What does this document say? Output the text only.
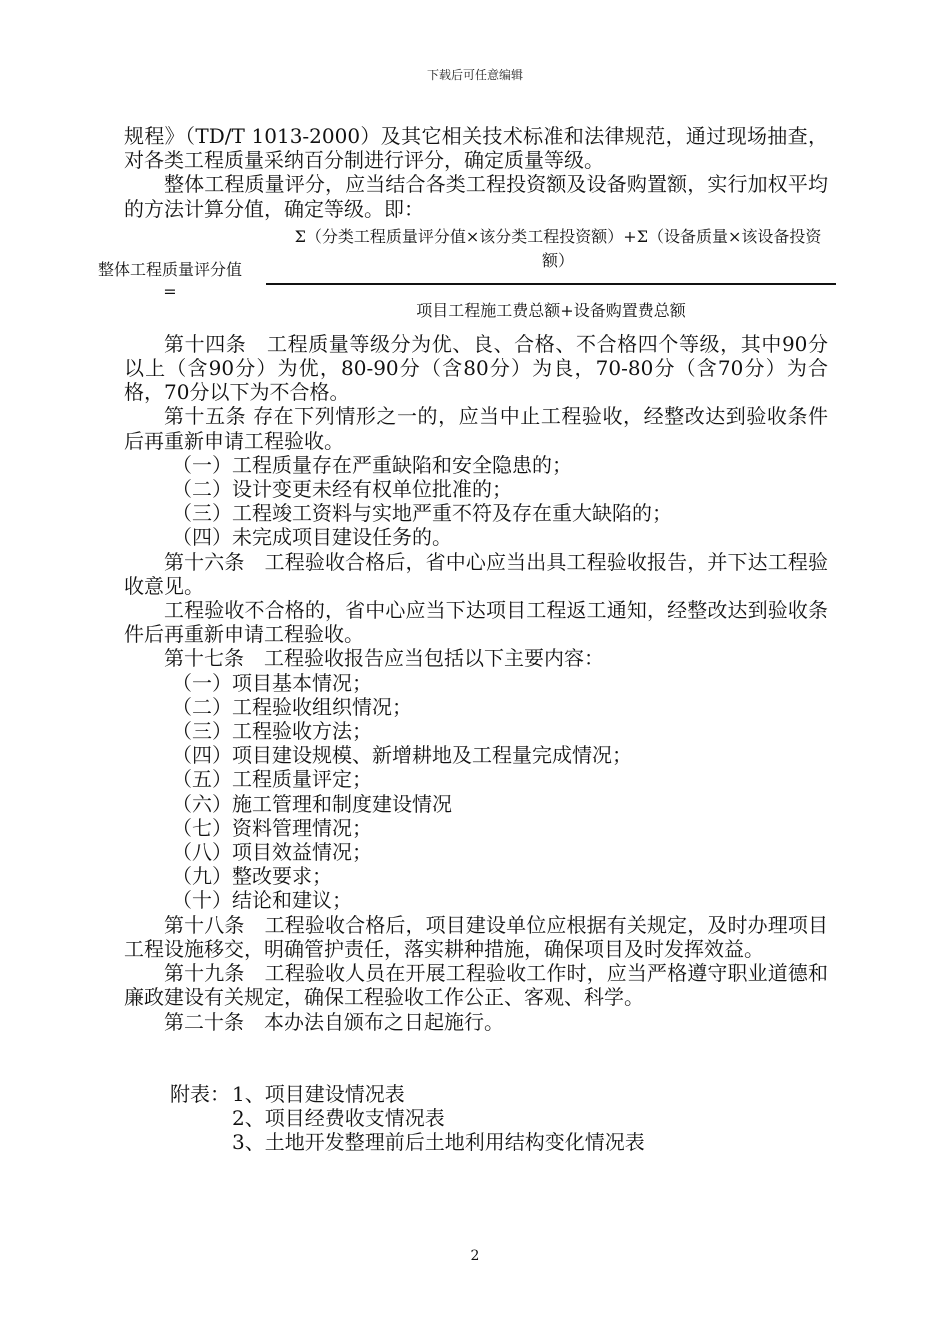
下载后可任意编辑

规程》（TD/T 1013-2000）及其它相关技术标准和法律规范，通过现场抽查，对各类工程质量采纳百分制进行评分，确定质量等级。

整体工程质量评分，应当结合各类工程投资额及设备购置额，实行加权平均的方法计算分值，确定等级。即：

整体工程质量评分值
=
Σ（分类工程质量评分值×该分类工程投资额）+Σ（设备质量×该设备投资
额）
项目工程施工费总额+设备购置费总额

第十四条　工程质量等级分为优、良、合格、不合格四个等级，其中90分以上（含90分）为优，80-90分（含80分）为良，70-80分（含70分）为合格，70分以下为不合格。

第十五条 存在下列情形之一的，应当中止工程验收，经整改达到验收条件后再重新申请工程验收。

（一）工程质量存在严重缺陷和安全隐患的；

（二）设计变更未经有权单位批准的；

（三）工程竣工资料与实地严重不符及存在重大缺陷的；

（四）未完成项目建设任务的。

第十六条　工程验收合格后，省中心应当出具工程验收报告，并下达工程验收意见。

工程验收不合格的，省中心应当下达项目工程返工通知，经整改达到验收条件后再重新申请工程验收。

第十七条　工程验收报告应当包括以下主要内容：

（一）项目基本情况；

（二）工程验收组织情况；

（三）工程验收方法；

（四）项目建设规模、新增耕地及工程量完成情况；

（五）工程质量评定；

（六）施工管理和制度建设情况

（七）资料管理情况；

（八）项目效益情况；

（九）整改要求；

（十）结论和建议；

第十八条　工程验收合格后，项目建设单位应根据有关规定，及时办理项目工程设施移交，明确管护责任，落实耕种措施，确保项目及时发挥效益。

第十九条　工程验收人员在开展工程验收工作时，应当严格遵守职业道德和廉政建设有关规定，确保工程验收工作公正、客观、科学。

第二十条　本办法自颁布之日起施行。

附表： 1、项目建设情况表
2、项目经费收支情况表
3、土地开发整理前后土地利用结构变化情况表
2
